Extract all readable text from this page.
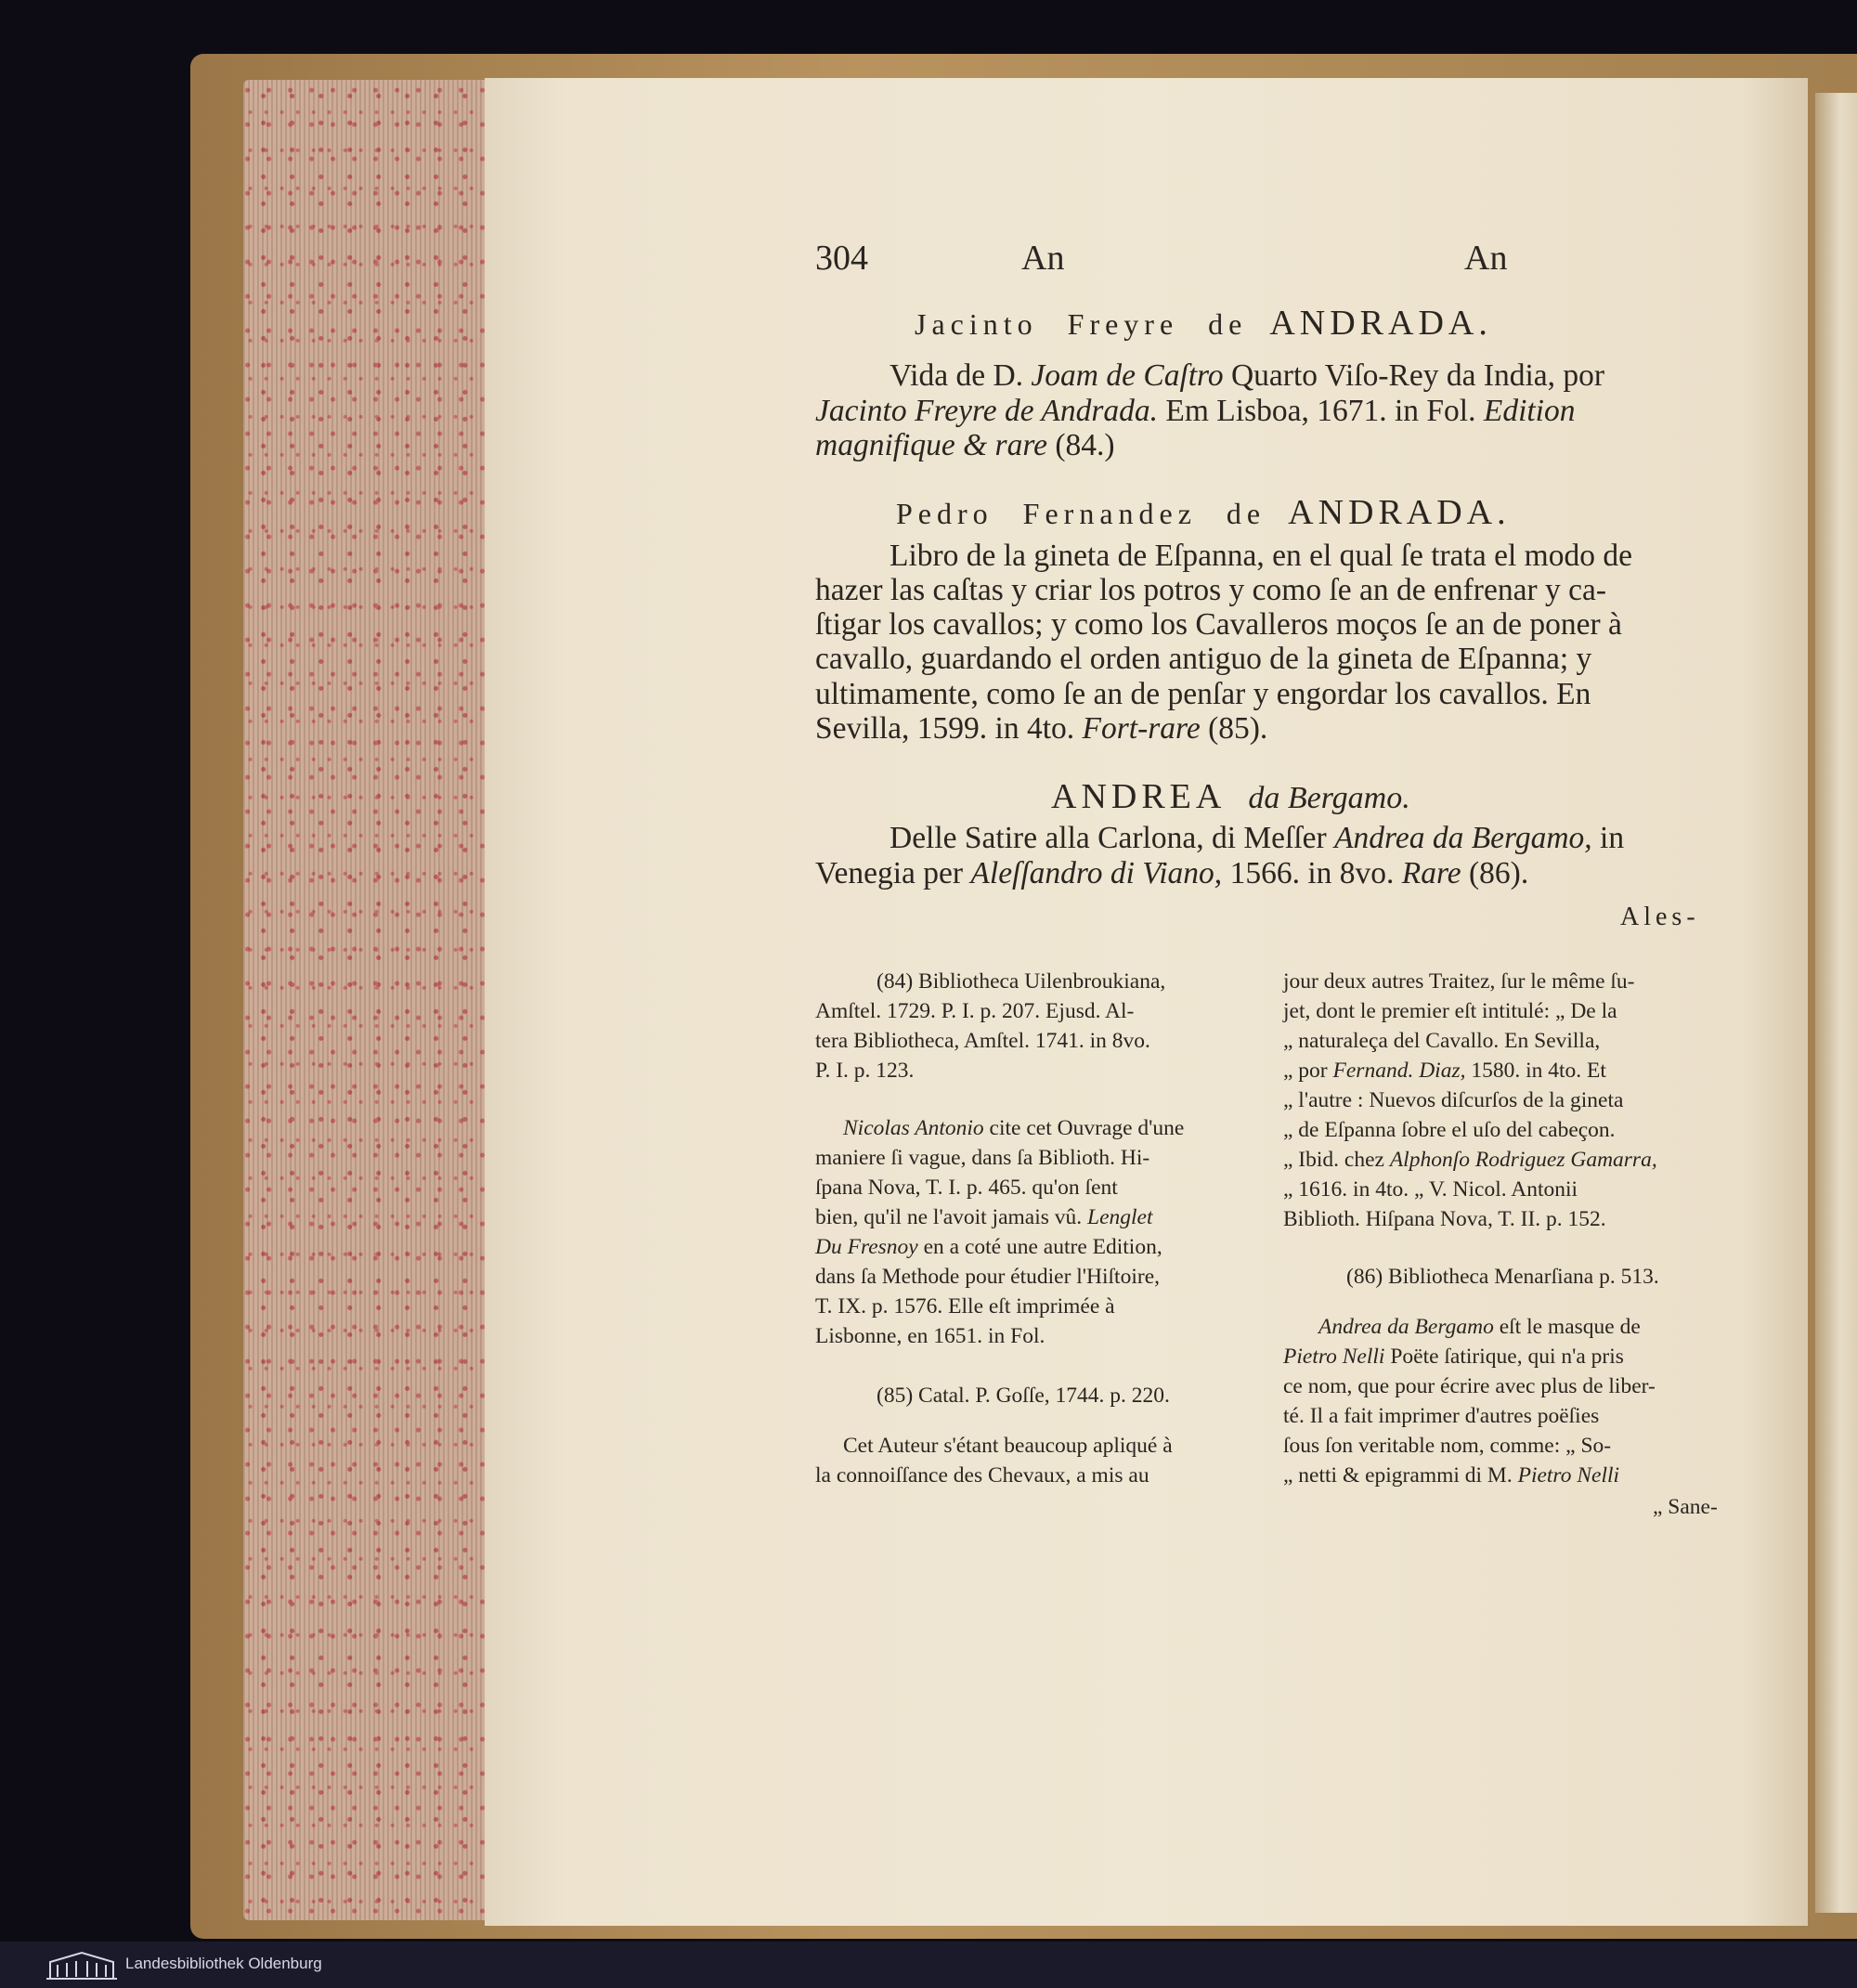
304	An	An
Jacinto Freyre de ANDRADA.
Vida de D. Joam de Caſtro Quarto Viſo-Rey da India, por
Jacinto Freyre de Andrada. Em Lisboa, 1671. in Fol. Edition
magnifique & rare (84.)
Pedro Fernandez de ANDRADA.
Libro de la gineta de Eſpanna, en el qual ſe trata el modo de
hazer las caſtas y criar los potros y como ſe an de enfrenar y ca-
ſtigar los cavallos; y como los Cavalleros moços ſe an de poner à
cavallo, guardando el orden antiguo de la gineta de Eſpanna; y
ultimamente, como ſe an de penſar y engordar los cavallos. En
Sevilla, 1599. in 4to. Fort-rare (85).
ANDREA da Bergamo.
Delle Satire alla Carlona, di Meſſer Andrea da Bergamo, in
Venegia per Aleſſandro di Viano, 1566. in 8vo. Rare (86).
Ales-
(84) Bibliotheca Uilenbroukiana,
Amſtel. 1729. P. I. p. 207. Ejusd. Al-
tera Bibliotheca, Amſtel. 1741. in 8vo.
P. I. p. 123.
Nicolas Antonio cite cet Ouvrage d'une
maniere ſi vague, dans ſa Biblioth. Hi-
ſpana Nova, T. I. p. 465. qu'on ſent
bien, qu'il ne l'avoit jamais vû. Lenglet
Du Fresnoy en a coté une autre Edition,
dans ſa Methode pour étudier l'Hiſtoire,
T. IX. p. 1576. Elle eſt imprimée à
Lisbonne, en 1651. in Fol.
(85) Catal. P. Goſſe, 1744. p. 220.
Cet Auteur s'étant beaucoup apliqué à
la connoiſſance des Chevaux, a mis au
jour deux autres Traitez, ſur le même ſu-
jet, dont le premier eſt intitulé: „ De la
„ naturaleça del Cavallo. En Sevilla,
„ por Fernand. Diaz, 1580. in 4to. Et
„ l'autre : Nuevos diſcurſos de la gineta
„ de Eſpanna ſobre el uſo del cabeçon.
„ Ibid. chez Alphonſo Rodriguez Gamarra,
„ 1616. in 4to. „ V. Nicol. Antonii
Biblioth. Hiſpana Nova, T. II. p. 152.
(86) Bibliotheca Menarſiana p. 513.
Andrea da Bergamo eſt le masque de
Pietro Nelli Poëte ſatirique, qui n'a pris
ce nom, que pour écrire avec plus de liber-
té. Il a fait imprimer d'autres poëſies
ſous ſon veritable nom, comme: „ So-
„ netti & epigrammi di M. Pietro Nelli
„ Sane-
Landesbibliothek Oldenburg
